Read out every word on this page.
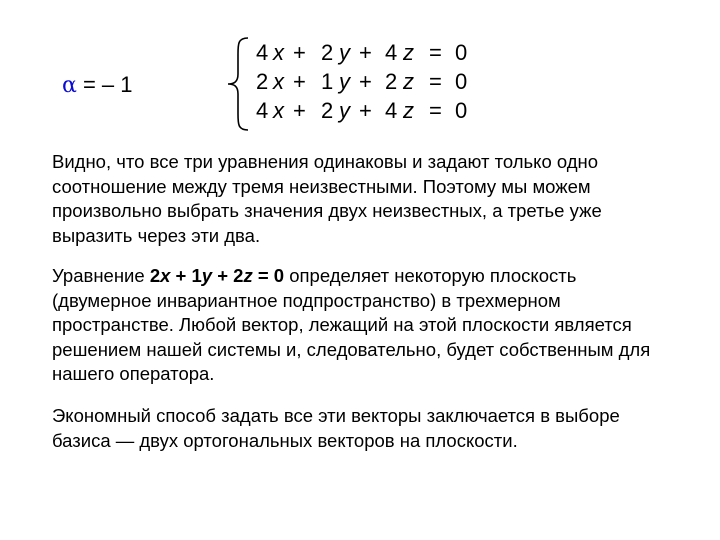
α = – 1
4 x + 2 y + 4 z = 0
2 x + 1 y + 2 z = 0
4 x + 2 y + 4 z = 0

Видно, что все три уравнения одинаковы и задают только одно соотношение между тремя неизвестными. Поэтому мы можем произвольно выбрать значения двух неизвестных, а третье уже выразить через эти два.

Уравнение 2x + 1y + 2z = 0 определяет некоторую плоскость (двумерное инвариантное подпространство) в трехмерном пространстве. Любой вектор, лежащий на этой плоскости является решением нашей системы и, следовательно, будет собственным для нашего оператора.

Экономный способ задать все эти векторы заключается в выборе базиса — двух ортогональных векторов на плоскости.
